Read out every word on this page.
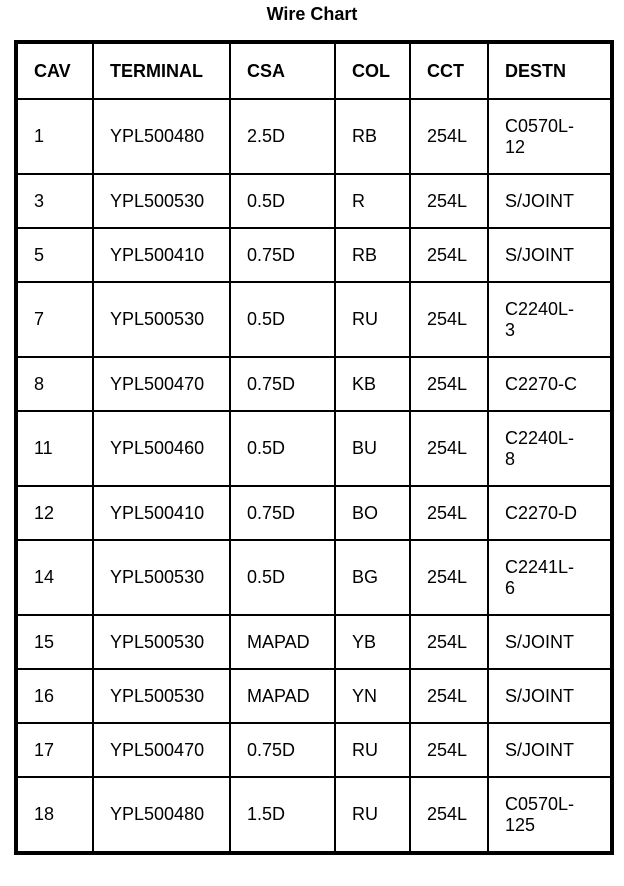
Wire Chart
CAV	TERMINAL	CSA	COL	CCT	DESTN
1	YPL500480	2.5D	RB	254L	C0570L-
12
3	YPL500530	0.5D	R	254L	S/JOINT
5	YPL500410	0.75D	RB	254L	S/JOINT
7	YPL500530	0.5D	RU	254L	C2240L-
3
8	YPL500470	0.75D	KB	254L	C2270-C
11	YPL500460	0.5D	BU	254L	C2240L-
8
12	YPL500410	0.75D	BO	254L	C2270-D
14	YPL500530	0.5D	BG	254L	C2241L-
6
15	YPL500530	MAPAD	YB	254L	S/JOINT
16	YPL500530	MAPAD	YN	254L	S/JOINT
17	YPL500470	0.75D	RU	254L	S/JOINT
18	YPL500480	1.5D	RU	254L	C0570L-
125
